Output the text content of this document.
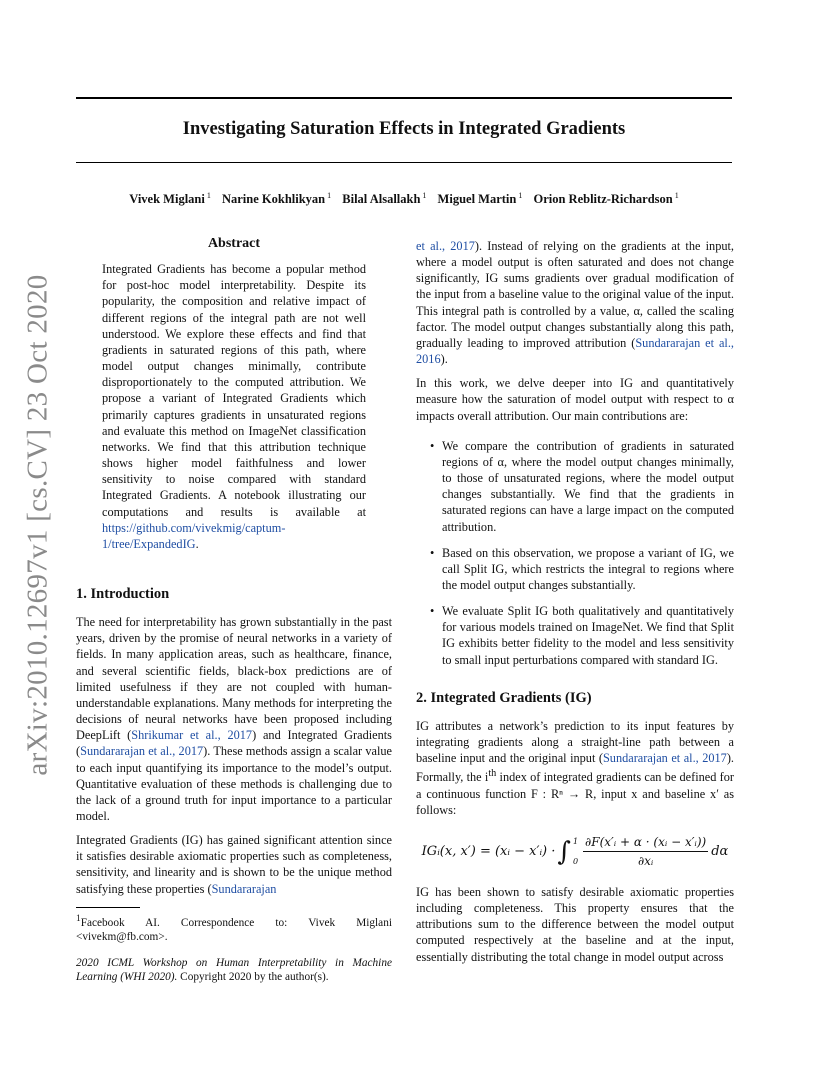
Investigating Saturation Effects in Integrated Gradients
Vivek Miglani $^1$ Narine Kokhlikyan $^1$ Bilal Alsallakh $^1$ Miguel Martin $^1$ Orion Reblitz-Richardson $^1$
arXiv:2010.12697v1 [cs.CV] 23 Oct 2020
Abstract

Integrated Gradients has become a popular method for post-hoc model interpretability. Despite its popularity, the composition and relative impact of different regions of the integral path are not well understood. We explore these effects and find that gradients in saturated regions of this path, where model output changes minimally, contribute disproportionately to the computed attribution. We propose a variant of Integrated Gradients which primarily captures gradients in unsaturated regions and evaluate this method on ImageNet classification networks. We find that this attribution technique shows higher model faithfulness and lower sensitivity to noise compared with standard Integrated Gradients. A notebook illustrating our computations and results is available at https://github.com/vivekmig/captum-1/tree/ExpandedIG.

1. Introduction

The need for interpretability has grown substantially in the past years, driven by the promise of neural networks in a variety of fields. In many application areas, such as healthcare, finance, and several scientific fields, black-box predictions are of limited usefulness if they are not coupled with human-understandable explanations. Many methods for interpreting the decisions of neural networks have been proposed including DeepLift (Shrikumar et al., 2017) and Integrated Gradients (Sundararajan et al., 2017). These methods assign a scalar value to each input quantifying its importance to the model’s output. Quantitative evaluation of these methods is challenging due to the lack of a ground truth for input importance to a particular model.

Integrated Gradients (IG) has gained significant attention since it satisfies desirable axiomatic properties such as completeness, sensitivity, and linearity and is shown to be the unique method satisfying these properties (Sundararajan

$^1$Facebook AI. Correspondence to: Vivek Miglani <vivekm@fb.com>.

2020 ICML Workshop on Human Interpretability in Machine Learning (WHI 2020). Copyright 2020 by the author(s).

et al., 2017). Instead of relying on the gradients at the input, where a model output is often saturated and does not change significantly, IG sums gradients over gradual modification of the input from a baseline value to the original value of the input. This integral path is controlled by a value, α, called the scaling factor. The model output changes substantially along this path, gradually leading to improved attribution (Sundararajan et al., 2016).

In this work, we delve deeper into IG and quantitatively measure how the saturation of model output with respect to α impacts overall attribution. Our main contributions are:

• We compare the contribution of gradients in saturated regions of α, where the model output changes minimally, to those of unsaturated regions, where the model output changes substantially. We find that the gradients in saturated regions can have a large impact on the computed attribution.
• Based on this observation, we propose a variant of IG, we call Split IG, which restricts the integral to regions where the model output changes substantially.
• We evaluate Split IG both qualitatively and quantitatively for various models trained on ImageNet. We find that Split IG exhibits better fidelity to the model and less sensitivity to small input perturbations compared with standard IG.
2. Integrated Gradients (IG)

IG attributes a network’s prediction to its input features by integrating gradients along a straight-line path between a baseline input and the original input (Sundararajan et al., 2017). Formally, the $i^{th}$ index of integrated gradients can be defined for a continuous function F : Rⁿ → R, input x and baseline x′ as follows:

IGᵢ(x, x′) = (xᵢ − x′ᵢ) · ∫ 1
$0 \frac{\text{∂F(x′ᵢ + α · (xᵢ − x′ᵢ))}}{\text{∂xᵢ}}$ dα

IG has been shown to satisfy desirable axiomatic properties including completeness. This property ensures that the attributions sum to the difference between the model output computed respectively at the baseline and at the input, essentially distributing the total change in model output across
